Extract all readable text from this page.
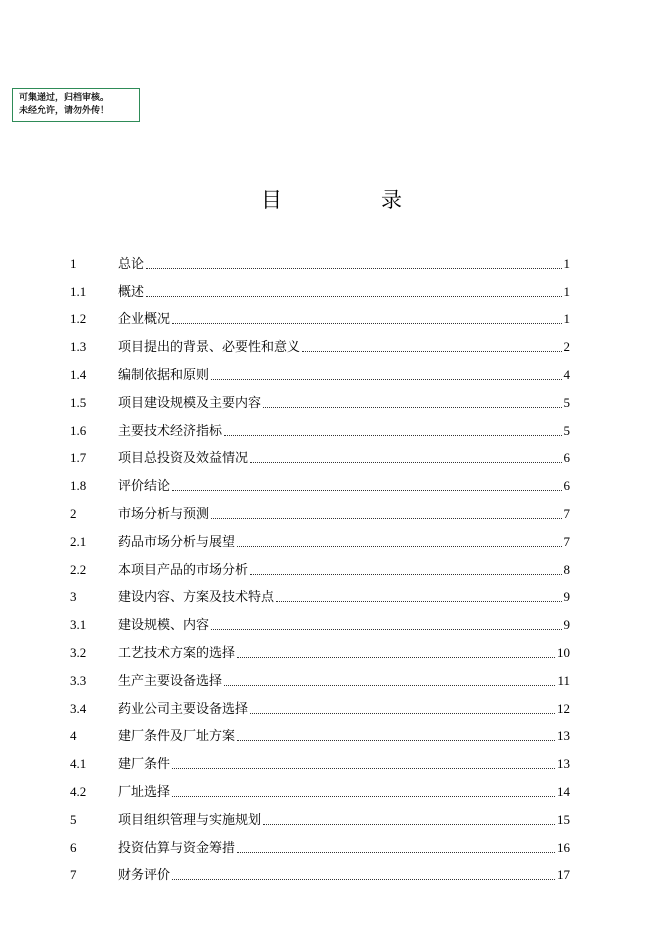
可集递过，归档审核。
未经允许，请勿外传！
目	录
1	总论	1
1.1	概述	1
1.2	企业概况	1
1.3	项目提出的背景、必要性和意义	2
1.4	编制依据和原则	4
1.5	项目建设规模及主要内容	5
1.6	主要技术经济指标	5
1.7	项目总投资及效益情况	6
1.8	评价结论	6
2	市场分析与预测	7
2.1	药品市场分析与展望	7
2.2	本项目产品的市场分析	8
3	建设内容、方案及技术特点	9
3.1	建设规模、内容	9
3.2	工艺技术方案的选择	10
3.3	生产主要设备选择	11
3.4	药业公司主要设备选择	12
4	建厂条件及厂址方案	13
4.1	建厂条件	13
4.2	厂址选择	14
5	项目组织管理与实施规划	15
6	投资估算与资金筹措	16
7	财务评价	17
